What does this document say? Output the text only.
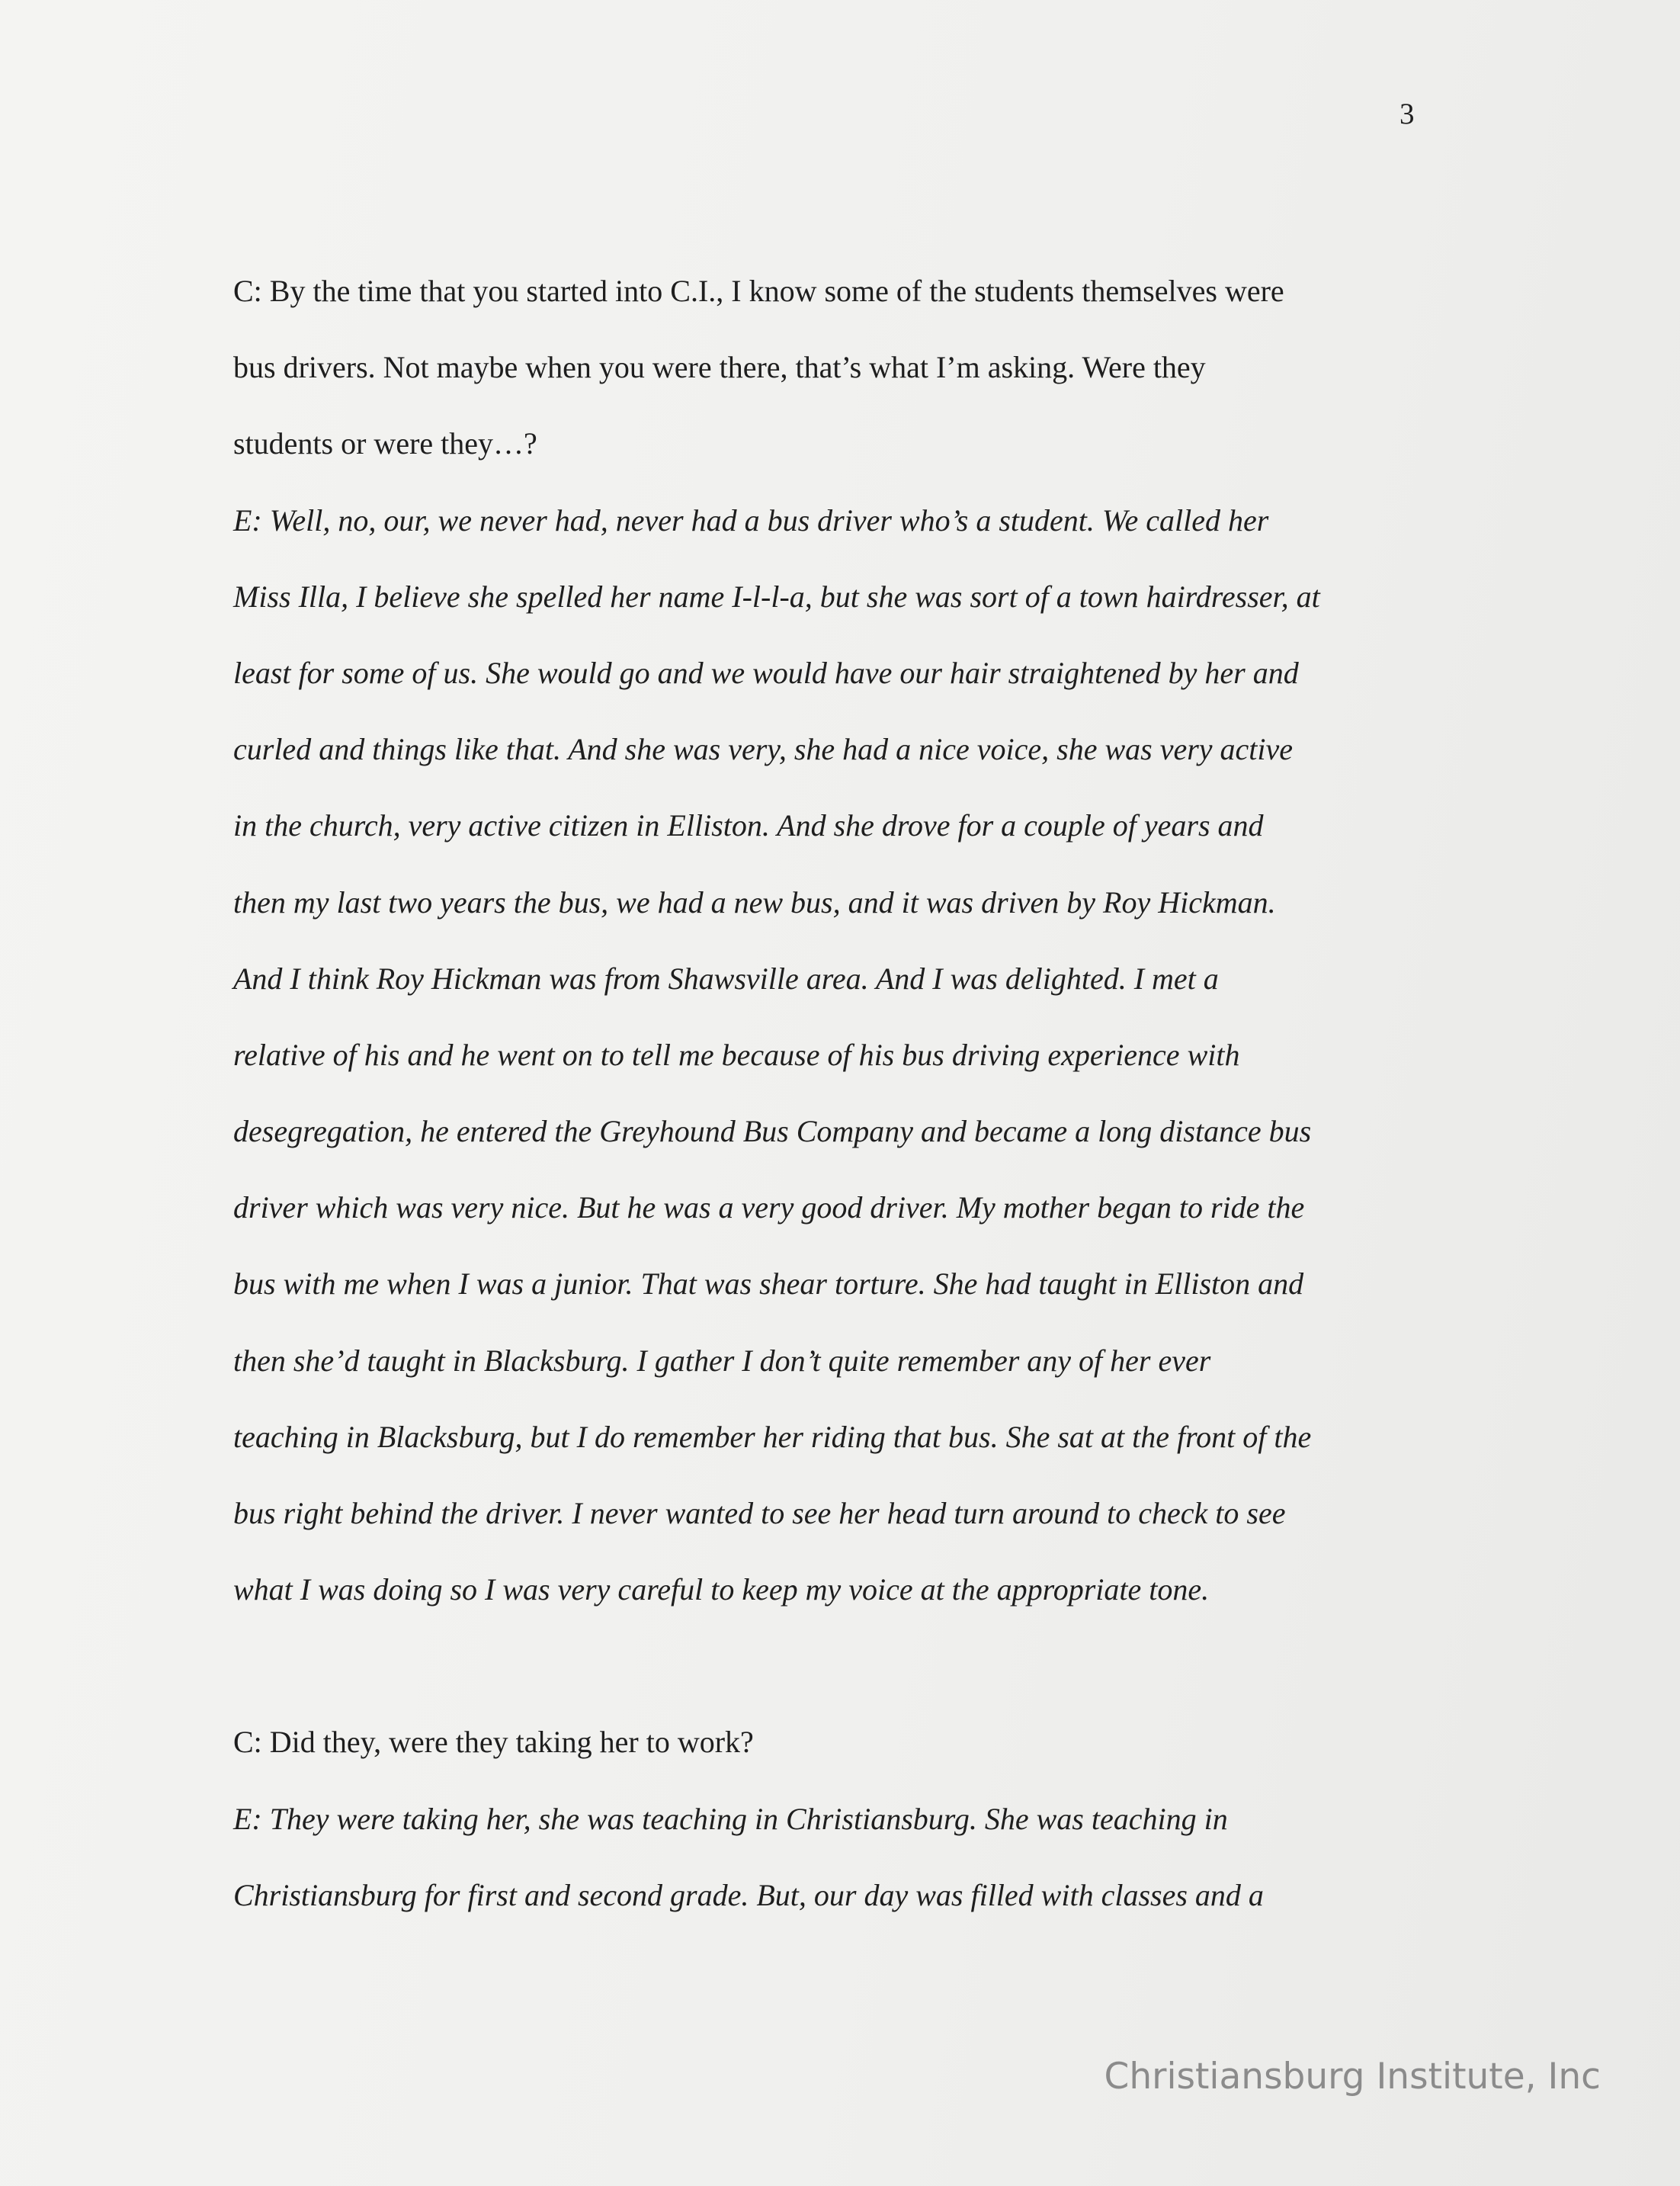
3
C: By the time that you started into C.I., I know some of the students themselves were
bus drivers. Not maybe when you were there, that’s what I’m asking. Were they
students or were they…?
E: Well, no, our, we never had, never had a bus driver who’s a student. We called her
Miss Illa, I believe she spelled her name I-l-l-a, but she was sort of a town hairdresser, at
least for some of us. She would go and we would have our hair straightened by her and
curled and things like that. And she was very, she had a nice voice, she was very active
in the church, very active citizen in Elliston. And she drove for a couple of years and
then my last two years the bus, we had a new bus, and it was driven by Roy Hickman.
And I think Roy Hickman was from Shawsville area. And I was delighted. I met a
relative of his and he went on to tell me because of his bus driving experience with
desegregation, he entered the Greyhound Bus Company and became a long distance bus
driver which was very nice. But he was a very good driver. My mother began to ride the
bus with me when I was a junior. That was shear torture. She had taught in Elliston and
then she’d taught in Blacksburg. I gather I don’t quite remember any of her ever
teaching in Blacksburg, but I do remember her riding that bus. She sat at the front of the
bus right behind the driver. I never wanted to see her head turn around to check to see
what I was doing so I was very careful to keep my voice at the appropriate tone.
C: Did they, were they taking her to work?
E: They were taking her, she was teaching in Christiansburg. She was teaching in
Christiansburg for first and second grade. But, our day was filled with classes and a
Christiansburg Institute, Inc
